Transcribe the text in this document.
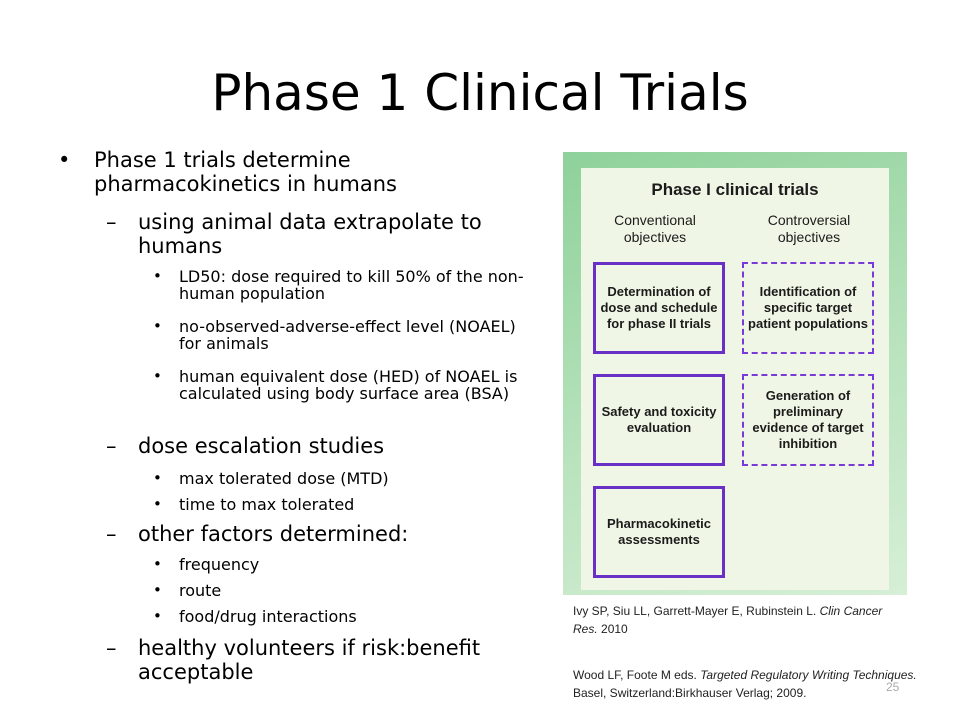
Phase 1 Clinical Trials
• Phase 1 trials determine pharmacokinetics in humans
– using animal data extrapolate to humans
• LD50: dose required to kill 50% of the non-human population
• no-observed-adverse-effect level (NOAEL) for animals
• human equivalent dose (HED) of NOAEL is calculated using body surface area (BSA)
– dose escalation studies
• max tolerated dose (MTD)
• time to max tolerated
– other factors determined:
• frequency
• route
• food/drug interactions
– healthy volunteers if risk:benefit acceptable
Phase I clinical trials
Conventional objectives
Controversial objectives
Determination of dose and schedule for phase II trials
Safety and toxicity evaluation
Pharmacokinetic assessments
Identification of specific target patient populations
Generation of preliminary evidence of target inhibition
Ivy SP, Siu LL, Garrett-Mayer E, Rubinstein L. Clin Cancer Res. 2010
Wood LF, Foote M eds. Targeted Regulatory Writing Techniques. Basel, Switzerland:Birkhauser Verlag; 2009.	25
